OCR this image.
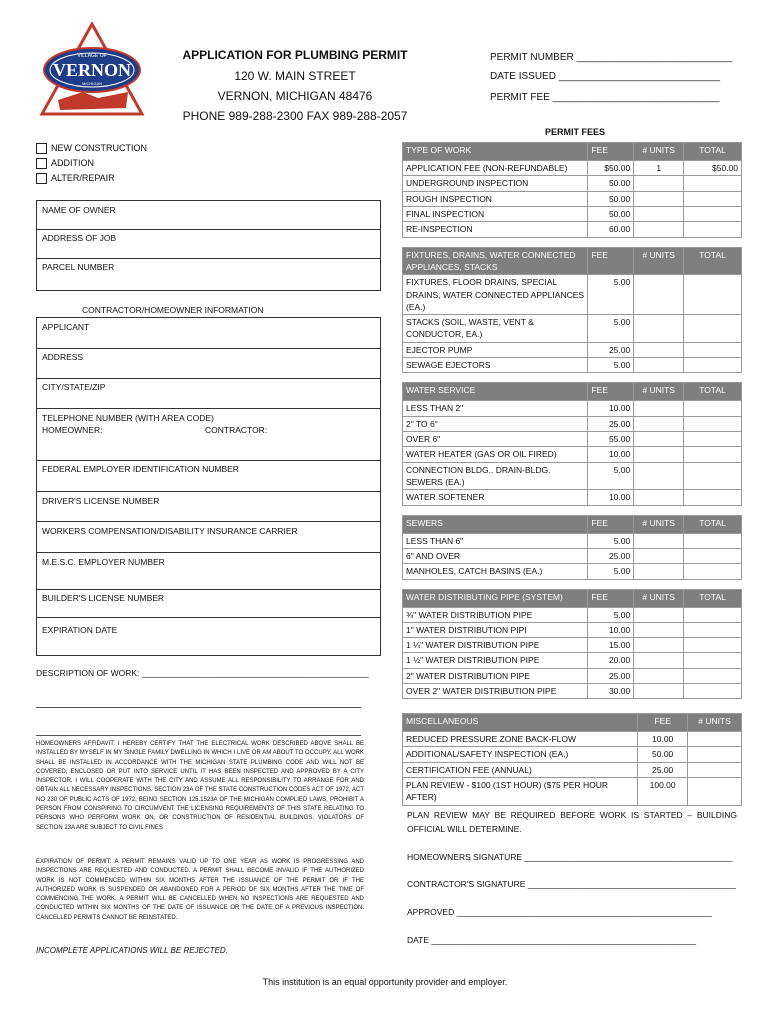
VERNON
VILLAGE OF
MICHIGAN
APPLICATION FOR PLUMBING PERMIT
120 W. MAIN STREET
VERNON, MICHIGAN 48476
PHONE 989-288-2300 FAX 989-288-2057
PERMIT NUMBER ____________________________
DATE ISSUED _____________________________
PERMIT FEE ______________________________
PERMIT FEES
NEW CONSTRUCTION
ADDITION
ALTER/REPAIR
NAME OF OWNER
ADDRESS OF JOB
PARCEL NUMBER
CONTRACTOR/HOMEOWNER INFORMATION
APPLICANT
ADDRESS
CITY/STATE/ZIP
TELEPHONE NUMBER (WITH AREA CODE)
HOMEOWNER:	CONTRACTOR:
FEDERAL EMPLOYER IDENTIFICATION NUMBER
DRIVER'S LICENSE NUMBER
WORKERS COMPENSATION/DISABILITY INSURANCE CARRIER
M.E.S.C. EMPLOYER NUMBER
BUILDER'S LICENSE NUMBER
EXPIRATION DATE
DESCRIPTION OF WORK: ________________________________________________
HOMEOWNERS AFFIDAVIT: I HEREBY CERTIFY THAT THE ELECTRICAL WORK DESCRIBED ABOVE SHALL BE INSTALLED BY MYSELF IN MY SINGLE FAMILY DWELLING IN WHICH I LIVE OR AM ABOUT TO OCCUPY. ALL WORK SHALL BE INSTALLED IN ACCORDANCE WITH THE MICHIGAN STATE PLUMBING CODE AND WILL NOT BE COVERED, ENCLOSED OR PUT INTO SERVICE UNTIL IT HAS BEEN INSPECTED AND APPROVED BY A CITY INSPECTOR. I WILL COOPERATE WITH THE CITY AND ASSUME ALL RESPONSIBILITY TO ARRANGE FOR AND OBTAIN ALL NECESSARY INSPECTIONS. SECTION 23A OF THE STATE CONSTRUCTION CODES ACT OF 1972, ACT NO 230 OF PUBLIC ACTS OF 1972, BEING SECTION 125.1523A OF THE MICHIGAN COMPLIED LAWS, PROHIBIT A PERSON FROM CONSPIRING TO CIRCUMVENT THE LICENSING REQUIREMENTS OF THIS STATE RELATING TO PERSONS WHO PERFORM WORK ON, OR CONSTRUCTION OF RESIDENTIAL BUILDINGS. VIOLATORS OF SECTION 23A ARE SUBJECT TO CIVIL FINES
EXPIRATION OF PERMIT: A PERMIT REMAINS VALID UP TO ONE YEAR AS WORK IS PROGRESSING AND INSPECTIONS ARE REQUESTED AND CONDUCTED. A PERMIT SHALL BECOME INVALID IF THE AUTHORIZED WORK IS NOT COMMENCED WITHIN SIX MONTHS AFTER THE ISSUANCE OF THE PERMIT OR IF THE AUTHORIZED WORK IS SUSPENDED OR ABANDONED FOR A PERIOD OF SIX MONTHS AFTER THE TIME OF COMMENCING THE WORK. A PERMIT WILL BE CANCELLED WHEN NO INSPECTIONS ARE REQUESTED AND CONDUCTED WITHIN SIX MONTHS OF THE DATE OF ISSUANCE OR THE DATE OF A PREVIOUS INSPECTION. CANCELLED PERMITS CANNOT BE REINSTATED.
INCOMPLETE APPLICATIONS WILL BE REJECTED.
TYPE OF WORK	FEE	# UNITS	TOTAL
APPLICATION FEE (NON-REFUNDABLE)	$50.00	1	$50.00
UNDERGROUND INSPECTION	50.00		
ROUGH INSPECTION	50.00		
FINAL INSPECTION	50.00		
RE-INSPECTION	60.00		

FIXTURES, DRAINS, WATER CONNECTED APPLIANCES, STACKS	FEE	# UNITS	TOTAL
FIXTURES, FLOOR DRAINS, SPECIAL DRAINS, WATER CONNECTED APPLIANCES (EA.)	5.00		
STACKS (SOIL, WASTE, VENT & CONDUCTOR, EA.)	5.00		
EJECTOR PUMP	25.00		
SEWAGE EJECTORS	5.00		

WATER SERVICE	FEE	# UNITS	TOTAL
LESS THAN 2"	10.00		
2" TO 6"	25.00		
OVER 6"	55.00		
WATER HEATER (GAS OR OIL FIRED)	10.00		
CONNECTION BLDG.. DRAIN-BLDG. SEWERS (EA.)	5.00		
WATER SOFTENER	10.00		

SEWERS	FEE	# UNITS	TOTAL
LESS THAN 6"	5.00		
6" AND OVER	25.00		
MANHOLES, CATCH BASINS (EA.)	5.00		

WATER DISTRIBUTING PIPE (SYSTEM)	FEE	# UNITS	TOTAL
¾" WATER DISTRIBUTION PIPE	5.00		
1" WATER DISTRIBUTION PIPI	10.00		
1 ¼" WATER DISTRIBUTION PIPE	15.00		
1 ½" WATER DISTRIBUTION PIPE	20.00		
2" WATER DISTRIBUTION PIPE	25.00		
OVER 2" WATER DISTRIBUTION PIPE	30.00		
MISCELLANEOUS	FEE	# UNITS
REDUCED PRESSURE ZONE BACK-FLOW	10.00	
ADDITIONAL/SAFETY INSPECTION (EA.)	50.00	
CERTIFICATION FEE (ANNUAL)	25.00	
PLAN REVIEW - $100 (1ST HOUR) ($75 PER HOUR AFTER)	100.00	
PLAN REVIEW MAY BE REQUIRED BEFORE WORK IS STARTED – BUILDING OFFICIAL WILL DETERMINE.
HOMEOWNERS SIGNATURE ____________________________________________
CONTRACTOR'S SIGNATURE ____________________________________________
APPROVED ______________________________________________________
DATE ________________________________________________________
This institution is an equal opportunity provider and employer.
